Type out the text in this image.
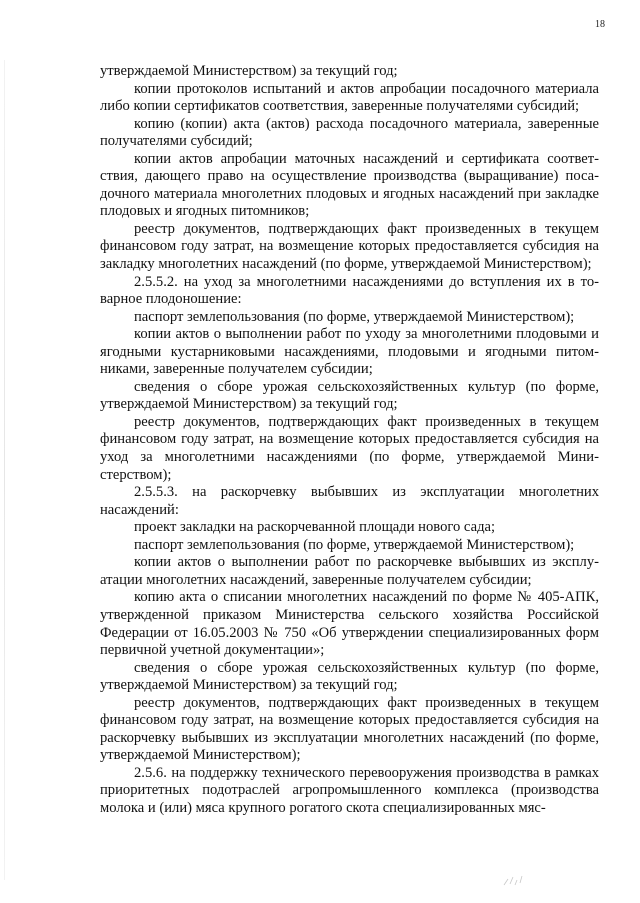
18

утверждаемой Министерством) за текущий год;

копии протоколов испытаний и актов апробации посадочного материала либо копии сертификатов соответствия, заверенные получателями субсидий;

копию (копии) акта (актов) расхода посадочного материала, заверенные получателями субсидий;

копии актов апробации маточных насаждений и сертификата соответствия, дающего право на осуществление производства (выращивание) посадочного материала многолетних плодовых и ягодных насаждений при закладке плодовых и ягодных питомников;

реестр документов, подтверждающих факт произведенных в текущем финансовом году затрат, на возмещение которых предоставляется субсидия на закладку многолетних насаждений (по форме, утверждаемой Министерством);

2.5.5.2. на уход за многолетними насаждениями до вступления их в товарное плодоношение:

паспорт землепользования (по форме, утверждаемой Министерством);

копии актов о выполнении работ по уходу за многолетними плодовыми и ягодными кустарниковыми насаждениями, плодовыми и ягодными питомниками, заверенные получателем субсидии;

сведения о сборе урожая сельскохозяйственных культур (по форме, утверждаемой Министерством) за текущий год;

реестр документов, подтверждающих факт произведенных в текущем финансовом году затрат, на возмещение которых предоставляется субсидия на уход за многолетними насаждениями (по форме, утверждаемой Министерством);

2.5.5.3. на раскорчевку выбывших из эксплуатации многолетних насаждений:

проект закладки на раскорчеванной площади нового сада;

паспорт землепользования (по форме, утверждаемой Министерством);

копии актов о выполнении работ по раскорчевке выбывших из эксплуатации многолетних насаждений, заверенные получателем субсидии;

копию акта о списании многолетних насаждений по форме № 405-АПК, утвержденной приказом Министерства сельского хозяйства Российской Федерации от 16.05.2003 № 750 «Об утверждении специализированных форм первичной учетной документации»;

сведения о сборе урожая сельскохозяйственных культур (по форме, утверждаемой Министерством) за текущий год;

реестр документов, подтверждающих факт произведенных в текущем финансовом году затрат, на возмещение которых предоставляется субсидия на раскорчевку выбывших из эксплуатации многолетних насаждений (по форме, утверждаемой Министерством);

2.5.6. на поддержку технического перевооружения производства в рамках приоритетных подотраслей агропромышленного комплекса (производства молока и (или) мяса крупного рогатого скота специализированных мяс-
